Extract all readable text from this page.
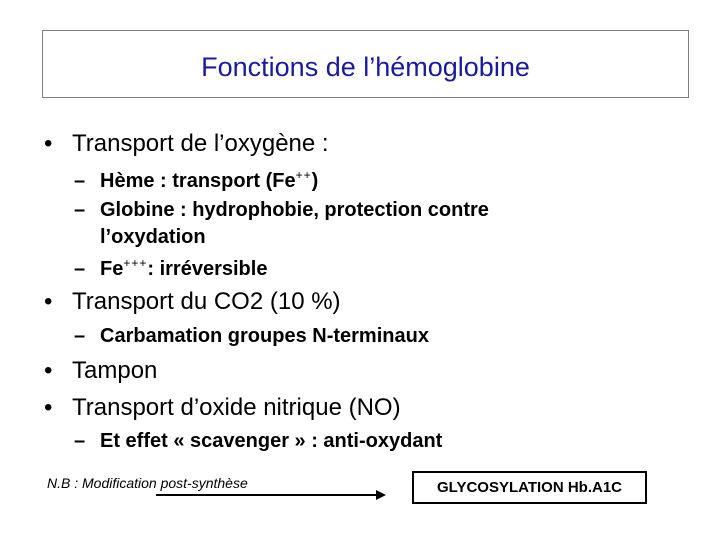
Fonctions de l’hémoglobine
• Transport de l’oxygène :
– Hème : transport (Fe++)
– Globine : hydrophobie, protection contre
l’oxydation
– Fe+++: irréversible
• Transport du CO2 (10 %)
– Carbamation groupes N-terminaux
• Tampon
• Transport d’oxide nitrique (NO)
– Et effet « scavenger » : anti-oxydant
N.B : Modification post-synthèse	GLYCOSYLATION Hb.A1C
